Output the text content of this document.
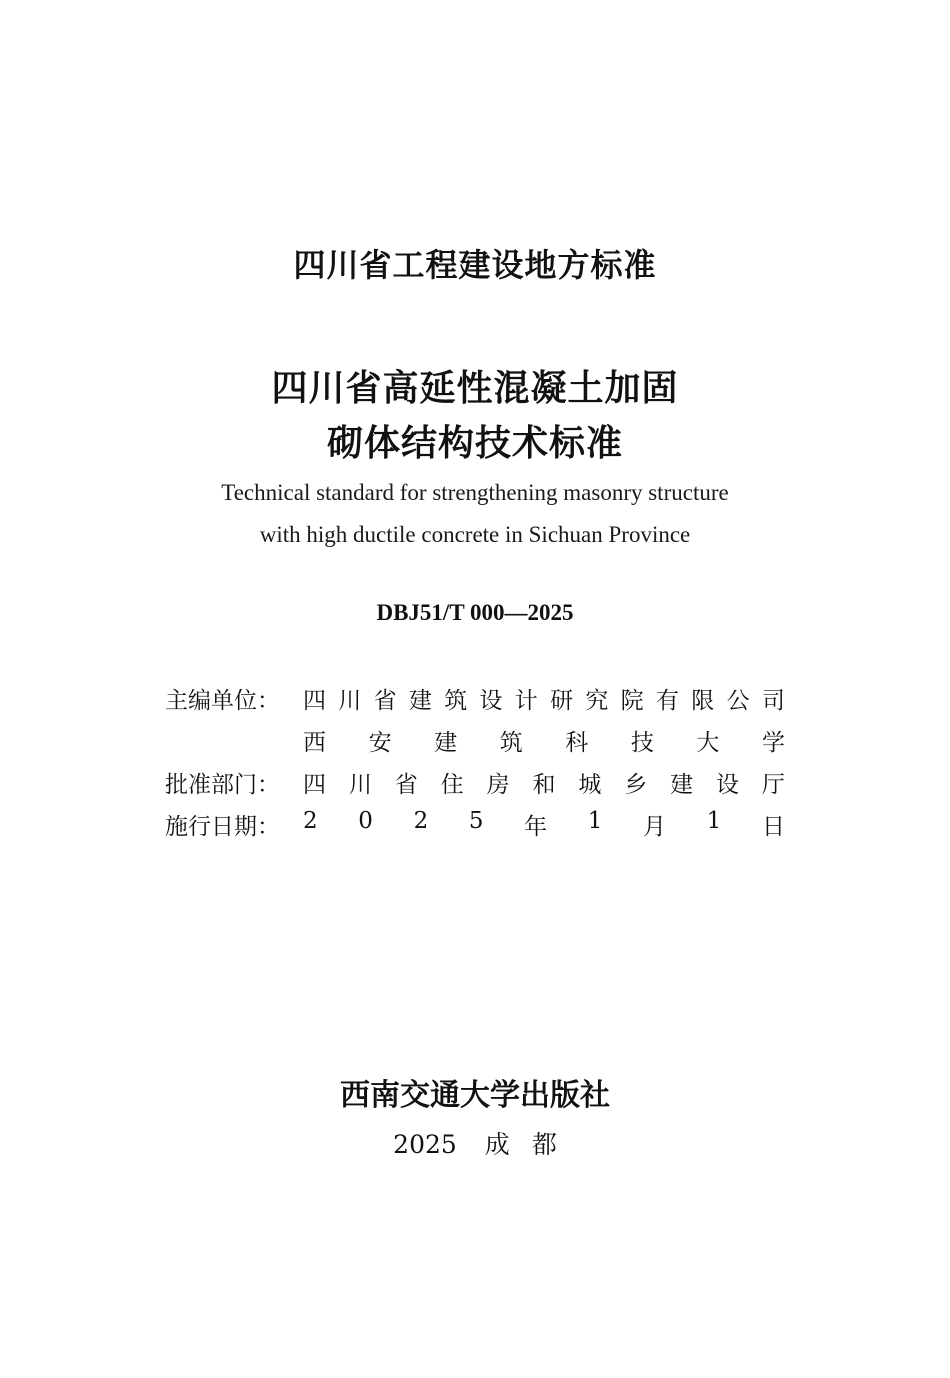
四川省工程建设地方标准
四川省高延性混凝土加固
砌体结构技术标准
Technical standard for strengthening masonry structure
with high ductile concrete in Sichuan Province
DBJ51/T 000—2025
主编单位： 四 川 省 建 筑 设 计 研 究 院 有 限 公 司
西 安 建 筑 科 技 大 学
批准部门： 四 川 省 住 房 和 城 乡 建 设 厅
施行日期： 2 0 2 5 年 1 月 1 日
西南交通大学出版社
2025 成 都
